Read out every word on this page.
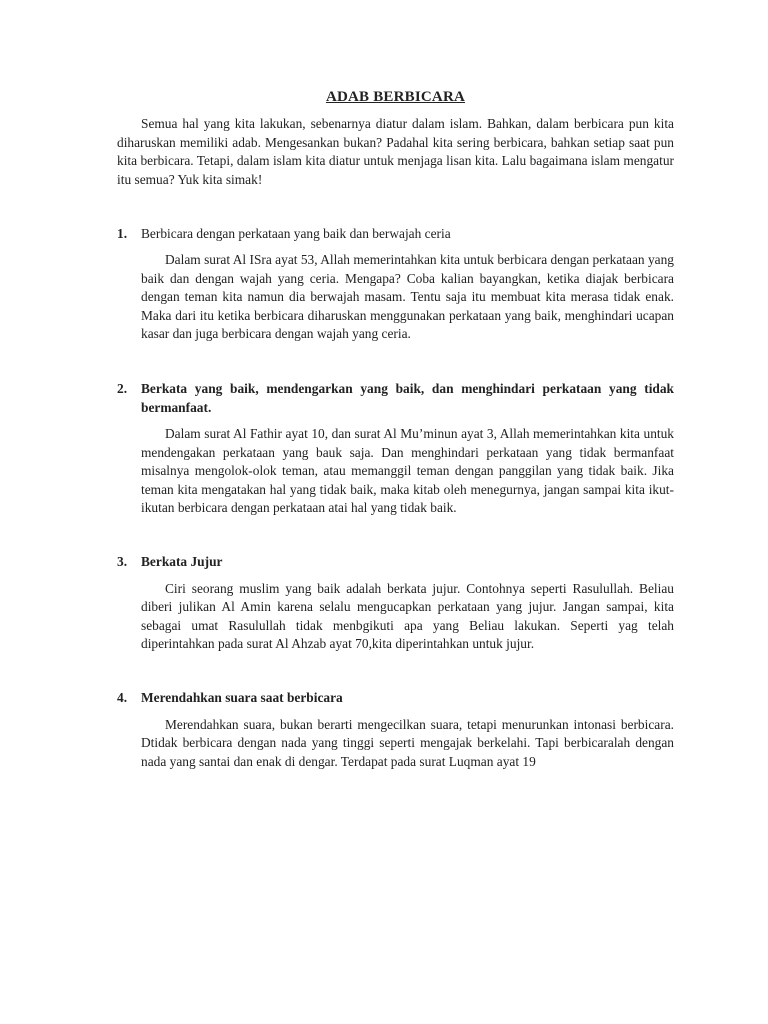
ADAB BERBICARA

Semua hal yang kita lakukan, sebenarnya diatur dalam islam. Bahkan, dalam berbicara pun kita diharuskan memiliki adab. Mengesankan bukan? Padahal kita sering berbicara, bahkan setiap saat pun kita berbicara. Tetapi, dalam islam kita diatur untuk menjaga lisan kita. Lalu bagaimana islam mengatur itu semua? Yuk kita simak!

1. Berbicara dengan perkataan yang baik dan berwajah ceria

Dalam surat Al ISra ayat 53, Allah memerintahkan kita untuk berbicara dengan perkataan yang baik dan dengan wajah yang ceria. Mengapa? Coba kalian bayangkan, ketika diajak berbicara dengan teman kita namun dia berwajah masam. Tentu saja itu membuat kita merasa tidak enak. Maka dari itu ketika berbicara diharuskan menggunakan perkataan yang baik, menghindari ucapan kasar dan juga berbicara dengan wajah yang ceria.

2. Berkata yang baik, mendengarkan yang baik, dan menghindari perkataan yang tidak bermanfaat.

Dalam surat Al Fathir ayat 10, dan surat Al Mu’minun ayat 3, Allah memerintahkan kita untuk mendengakan perkataan yang bauk saja. Dan menghindari perkataan yang tidak bermanfaat misalnya mengolok-olok teman, atau memanggil teman dengan panggilan yang tidak baik. Jika teman kita mengatakan hal yang tidak baik, maka kitab oleh menegurnya, jangan sampai kita ikut-ikutan berbicara dengan perkataan atai hal yang tidak baik.

3. Berkata Jujur

Ciri seorang muslim yang baik adalah berkata jujur. Contohnya seperti Rasulullah. Beliau diberi julikan Al Amin karena selalu mengucapkan perkataan yang jujur. Jangan sampai, kita sebagai umat Rasulullah tidak menbgikuti apa yang Beliau lakukan. Seperti yag telah diperintahkan pada surat Al Ahzab ayat 70,kita diperintahkan untuk jujur.

4. Merendahkan suara saat berbicara

Merendahkan suara, bukan berarti mengecilkan suara, tetapi menurunkan intonasi berbicara. Dtidak berbicara dengan nada yang tinggi seperti mengajak berkelahi. Tapi berbicaralah dengan nada yang santai dan enak di dengar. Terdapat pada surat Luqman ayat 19
